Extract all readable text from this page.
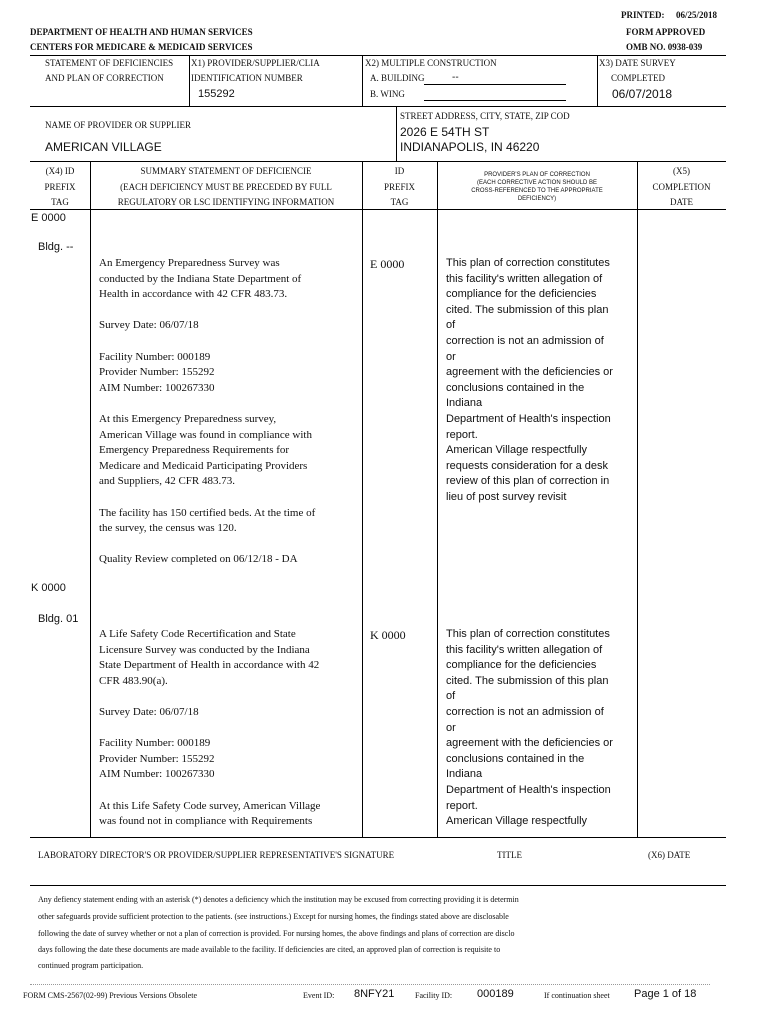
PRINTED: 06/25/2018
DEPARTMENT OF HEALTH AND HUMAN SERVICES
CENTERS FOR MEDICARE & MEDICAID SERVICES
FORM APPROVED
OMB NO. 0938-039
STATEMENT OF DEFICIENCIES
AND PLAN OF CORRECTION
X1) PROVIDER/SUPPLIER/CLIA
IDENTIFICATION NUMBER
155292
X2) MULTIPLE CONSTRUCTION
A. BUILDING	--
B. WING
X3) DATE SURVEY
COMPLETED
06/07/2018
NAME OF PROVIDER OR SUPPLIER
AMERICAN VILLAGE
STREET ADDRESS, CITY, STATE, ZIP COD
2026 E 54TH ST
INDIANAPOLIS, IN 46220
(X4) ID
PREFIX
TAG
SUMMARY STATEMENT OF DEFICIENCIE
(EACH DEFICIENCY MUST BE PRECEDED BY FULL
REGULATORY OR LSC IDENTIFYING INFORMATION
ID
PREFIX
TAG
PROVIDER'S PLAN OF CORRECTION
(EACH CORRECTIVE ACTION SHOULD BE
CROSS-REFERENCED TO THE APPROPRIATE
DEFICIENCY)
(X5)
COMPLETION
DATE
E 0000
Bldg. --
An Emergency Preparedness Survey was
conducted by the Indiana State Department of
Health in accordance with 42 CFR 483.73.

Survey Date: 06/07/18

Facility Number: 000189
Provider Number: 155292
AIM Number: 100267330

At this Emergency Preparedness survey,
American Village was found in compliance with
Emergency Preparedness Requirements for
Medicare and Medicaid Participating Providers
and Suppliers, 42 CFR 483.73.

The facility has 150 certified beds. At the time of
the survey, the census was 120.

Quality Review completed on 06/12/18 - DA
E 0000	This plan of correction constitutes
this facility's written allegation of
compliance for the deficiencies
cited. The submission of this plan
of
correction is not an admission of
or
agreement with the deficiencies or
conclusions contained in the
Indiana
Department of Health's inspection
report.
American Village respectfully
requests consideration for a desk
review of this plan of correction in
lieu of post survey revisit
K 0000
Bldg. 01
A Life Safety Code Recertification and State
Licensure Survey was conducted by the Indiana
State Department of Health in accordance with 42
CFR 483.90(a).

Survey Date: 06/07/18

Facility Number: 000189
Provider Number: 155292
AIM Number: 100267330

At this Life Safety Code survey, American Village
was found not in compliance with Requirements
K 0000	This plan of correction constitutes
this facility's written allegation of
compliance for the deficiencies
cited. The submission of this plan
of
correction is not an admission of
or
agreement with the deficiencies or
conclusions contained in the
Indiana
Department of Health's inspection
report.
American Village respectfully
LABORATORY DIRECTOR'S OR PROVIDER/SUPPLIER REPRESENTATIVE'S SIGNATURE	TITLE	(X6) DATE
Any defiency statement ending with an asterisk (*) denotes a deficiency which the institution may be excused from correcting providing it is determin
other safeguards provide sufficient protection to the patients. (see instructions.) Except for nursing homes, the findings stated above are disclosable
following the date of survey whether or not a plan of correction is provided. For nursing homes, the above findings and plans of correction are disclo
days following the date these documents are made available to the facility. If deficiencies are cited, an approved plan of correction is requisite to
continued program participation.
FORM CMS-2567(02-99) Previous Versions Obsolete	Event ID: 8NFY21	Facility ID: 000189	If continuation sheet Page 1 of 18
